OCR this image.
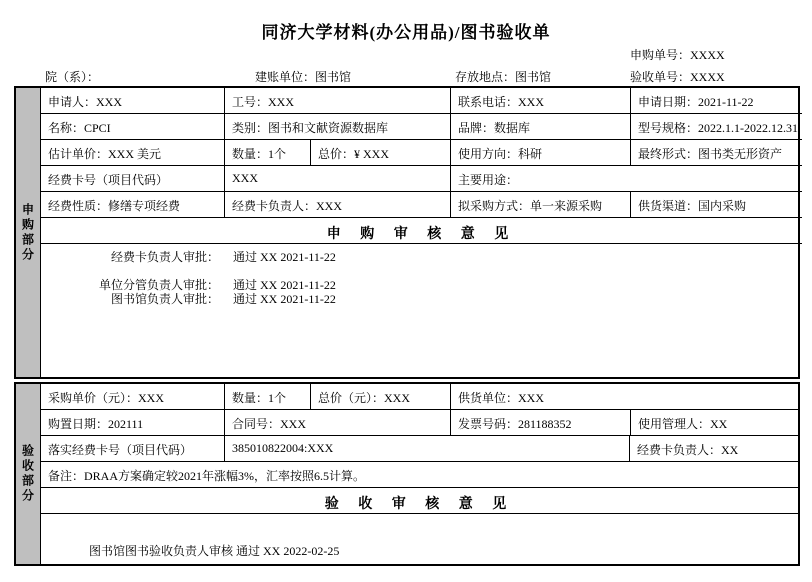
同济大学材料(办公用品)/图书验收单
申购单号：XXXX
验收单号：XXXX
院（系）：	建账单位：图书馆	存放地点：图书馆
申购部分
申请人：XXX	工号：XXX	联系电话：XXX	申请日期：2021-11-22
名称：CPCI	类别：图书和文献资源数据库	品牌：数据库	型号规格：2022.1.1-2022.12.31
估计单价：XXX 美元	数量：1个	总价：¥ XXX	使用方向：科研	最终形式：图书类无形资产
经费卡号（项目代码）	XXX	主要用途：
经费性质：修缮专项经费	经费卡负责人：XXX	拟采购方式：单一来源采购	供货渠道：国内采购
申 购 审 核 意 见
经费卡负责人审批： 通过 XX 2021-11-22
单位分管负责人审批： 通过 XX 2021-11-22
图书馆负责人审批： 通过 XX 2021-11-22
验收部分
采购单价（元）：XXX	数量：1个	总价（元）：XXX	供货单位：XXX
购置日期：202111	合同号：XXX	发票号码：281188352	使用管理人：XX
落实经费卡号（项目代码）	385010822004:XXX	经费卡负责人：XX
备注：DRAA方案确定较2021年涨幅3%，汇率按照6.5计算。
验 收 审 核 意 见
图书馆图书验收负责人审核 通过 XX 2022-02-25
